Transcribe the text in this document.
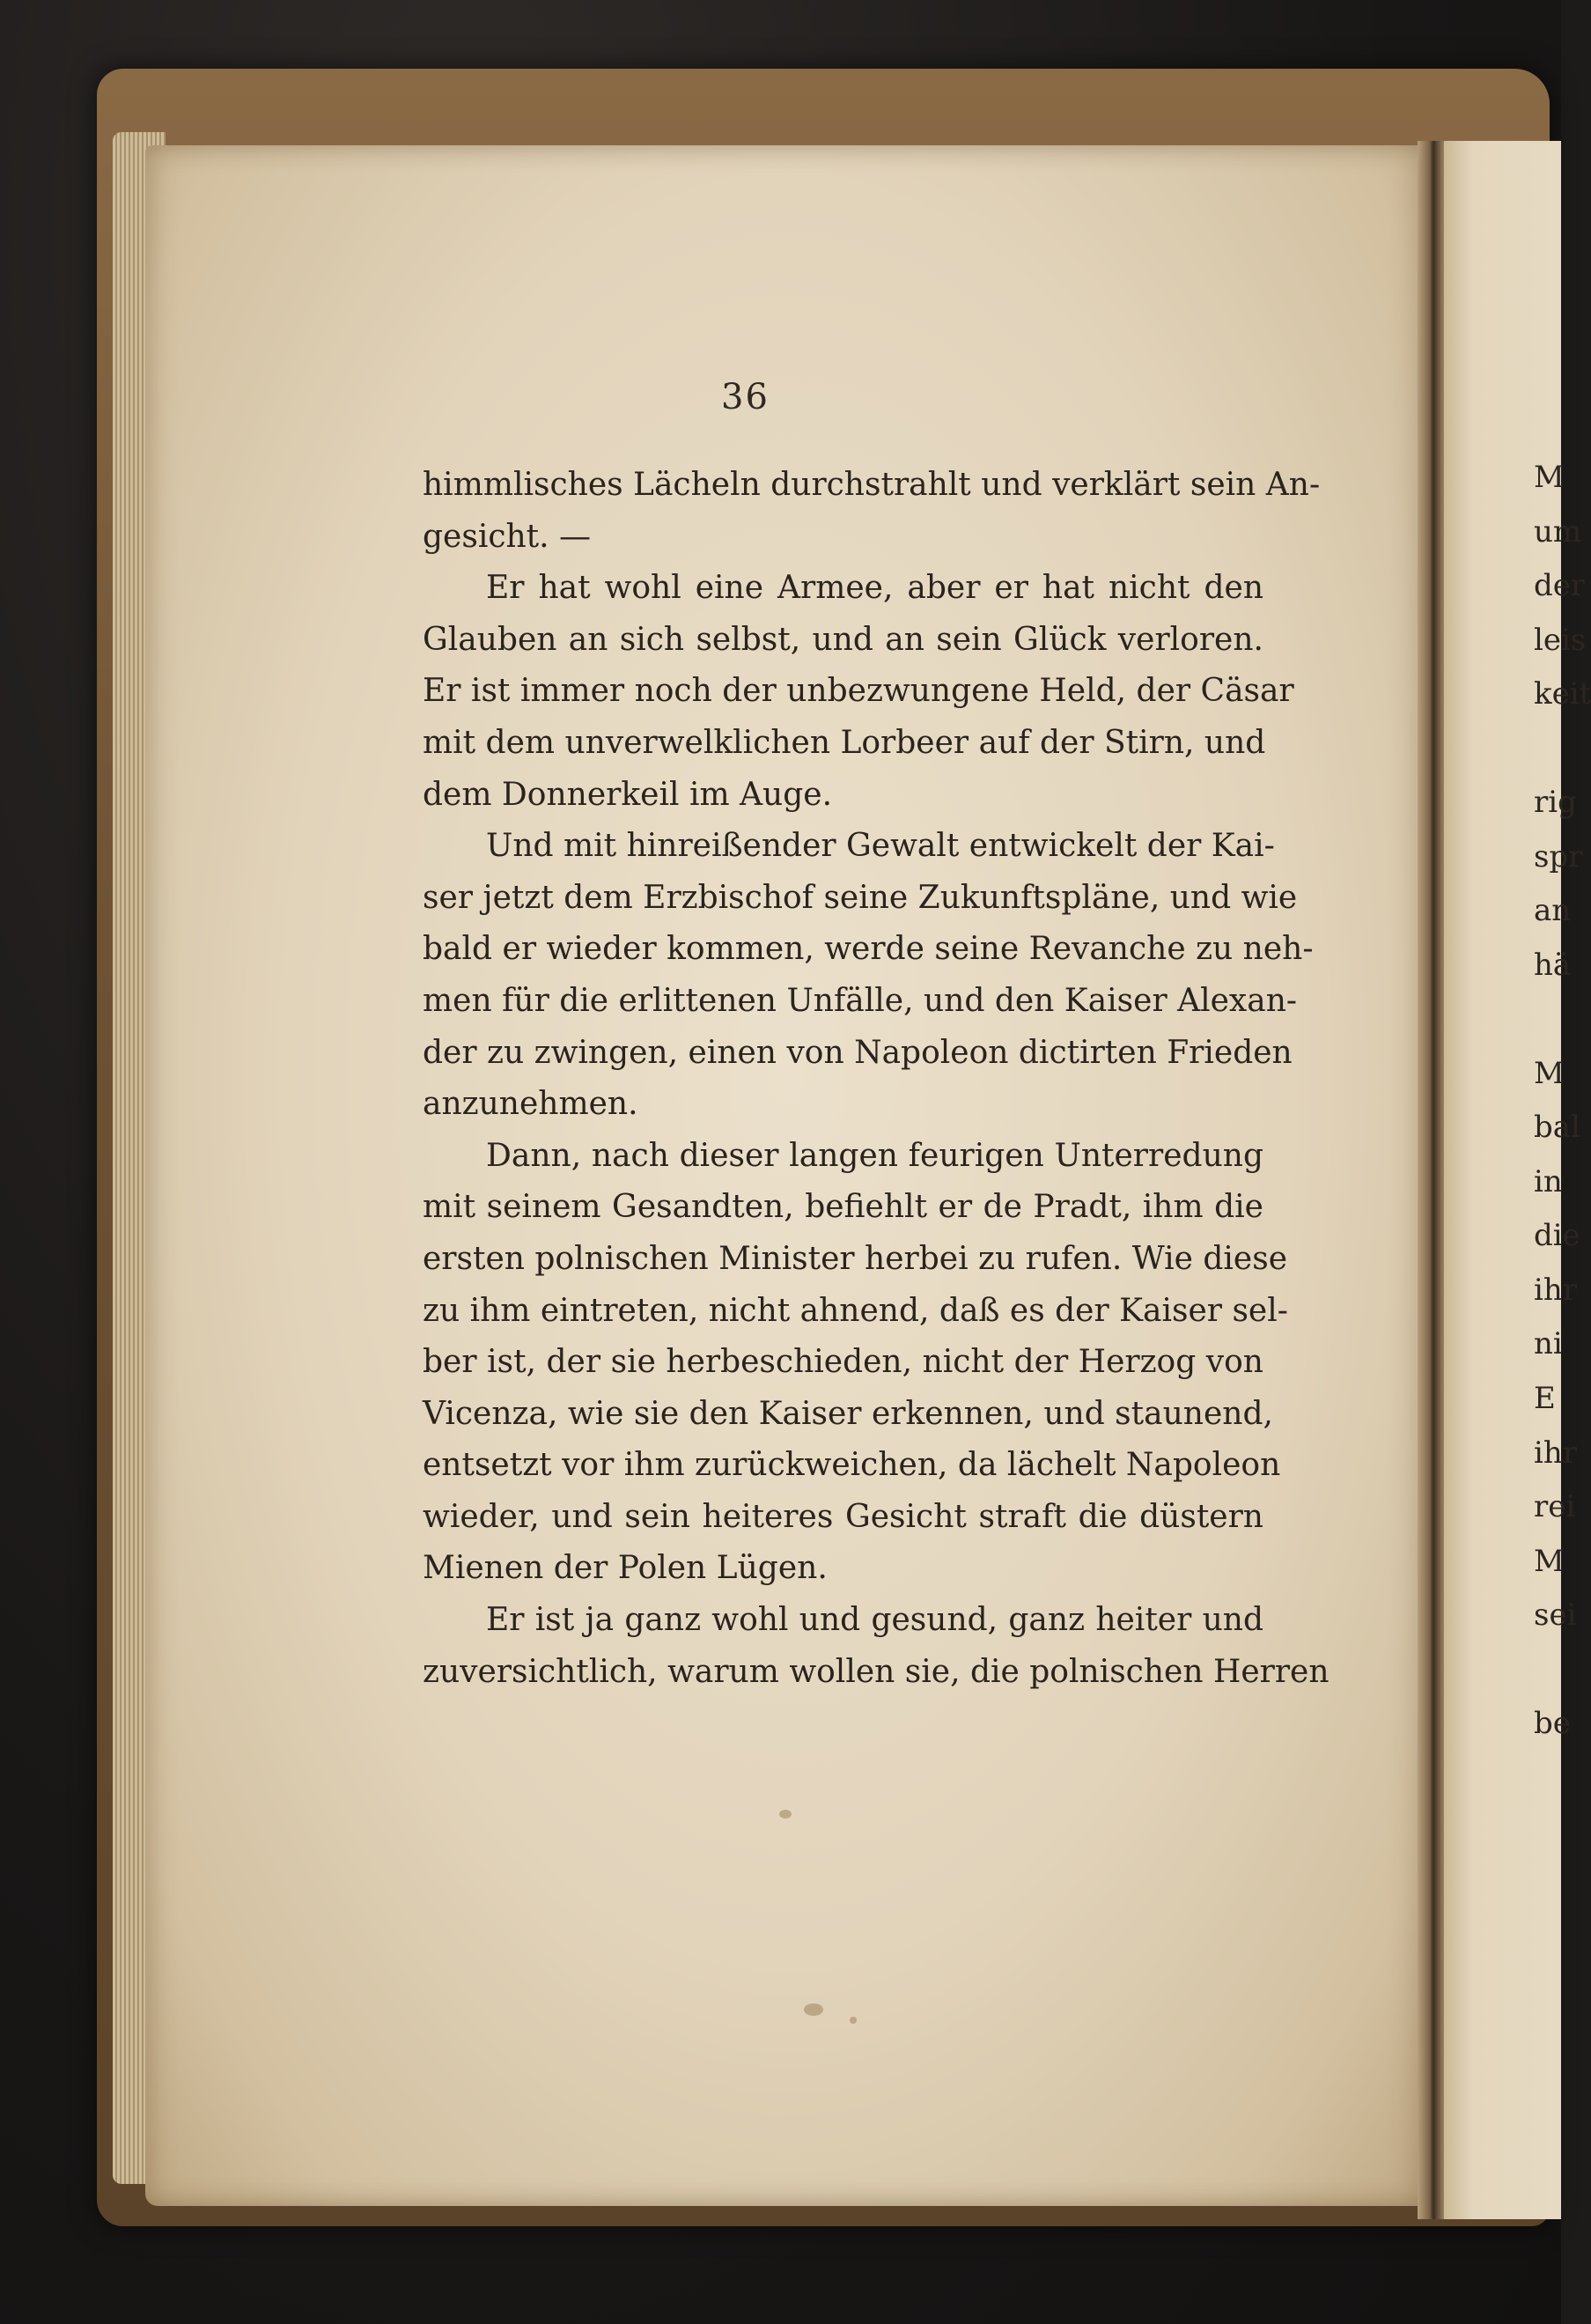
M
um
der
leis
keit
rig
spr
an
hä
M
bal
in
die
ihr
ni
E
ihr
rei
M
sei
be
36
himmlisches Lächeln durchstrahlt und verklärt sein An-
gesicht. —
Er hat wohl eine Armee, aber er hat nicht den
Glauben an sich selbst, und an sein Glück verloren.
Er ist immer noch der unbezwungene Held, der Cäsar
mit dem unverwelklichen Lorbeer auf der Stirn, und
dem Donnerkeil im Auge.
Und mit hinreißender Gewalt entwickelt der Kai-
ser jetzt dem Erzbischof seine Zukunftspläne, und wie
bald er wieder kommen, werde seine Revanche zu neh-
men für die erlittenen Unfälle, und den Kaiser Alexan-
der zu zwingen, einen von Napoleon dictirten Frieden
anzunehmen.
Dann, nach dieser langen feurigen Unterredung
mit seinem Gesandten, befiehlt er de Pradt, ihm die
ersten polnischen Minister herbei zu rufen. Wie diese
zu ihm eintreten, nicht ahnend, daß es der Kaiser sel-
ber ist, der sie herbeschieden, nicht der Herzog von
Vicenza, wie sie den Kaiser erkennen, und staunend,
entsetzt vor ihm zurückweichen, da lächelt Napoleon
wieder, und sein heiteres Gesicht straft die düstern
Mienen der Polen Lügen.
Er ist ja ganz wohl und gesund, ganz heiter und
zuversichtlich, warum wollen sie, die polnischen Herren
